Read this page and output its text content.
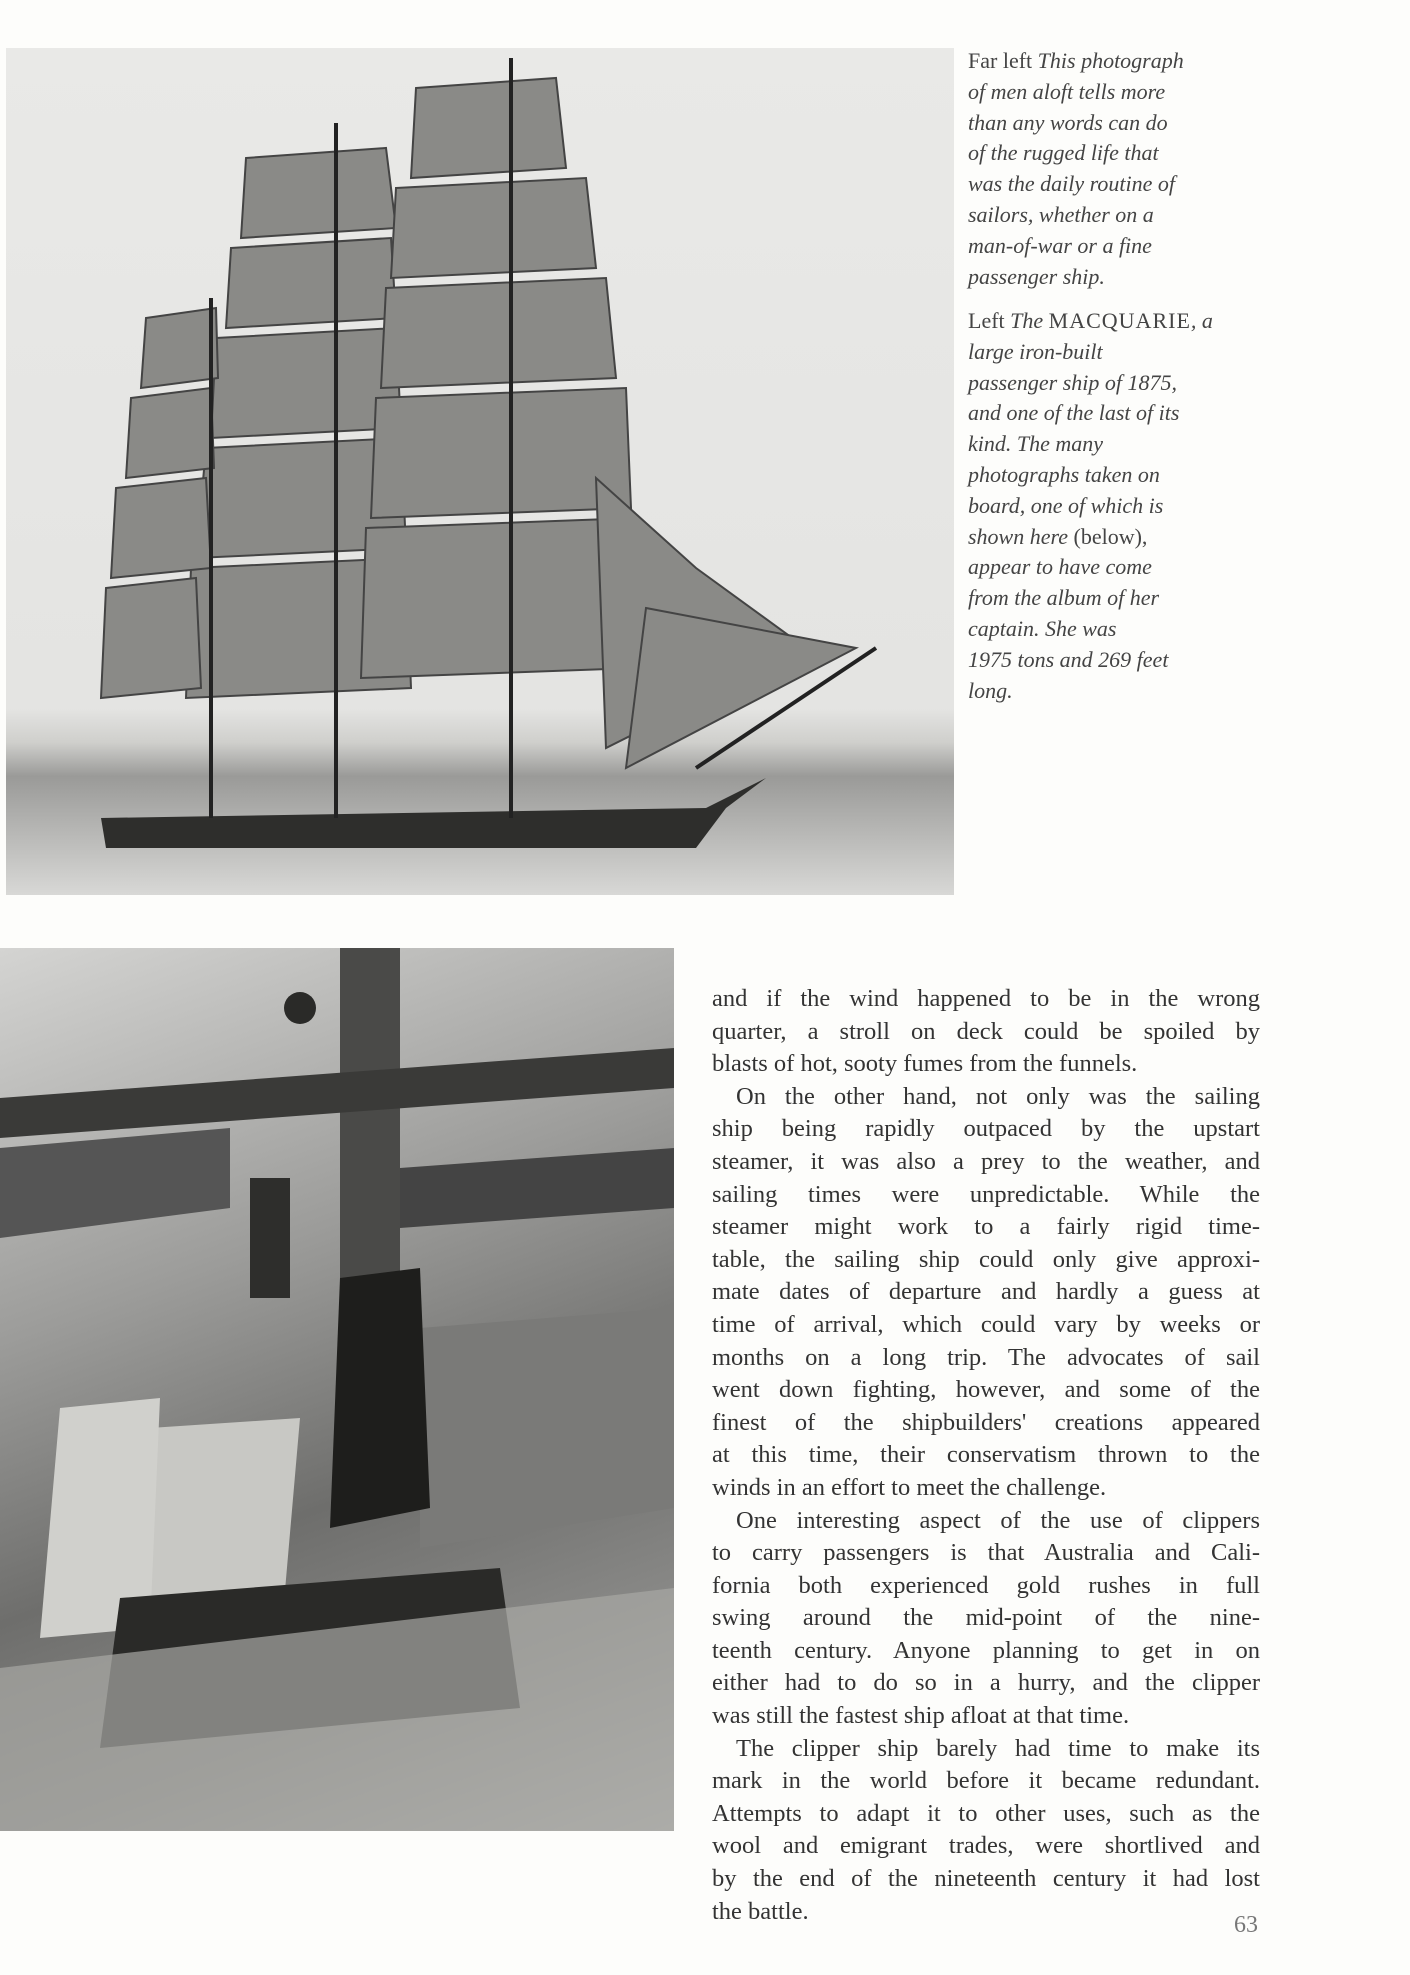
Far left This photograph
of men aloft tells more
than any words can do
of the rugged life that
was the daily routine of
sailors, whether on a
man-of-war or a fine
passenger ship.
Left The MACQUARIE, a
large iron-built
passenger ship of 1875,
and one of the last of its
kind. The many
photographs taken on
board, one of which is
shown here (below),
appear to have come
from the album of her
captain. She was
1975 tons and 269 feet
long.
and if the wind happened to be in the wrong
quarter, a stroll on deck could be spoiled by
blasts of hot, sooty fumes from the funnels.
On the other hand, not only was the sailing
ship being rapidly outpaced by the upstart
steamer, it was also a prey to the weather, and
sailing times were unpredictable. While the
steamer might work to a fairly rigid time-
table, the sailing ship could only give approxi-
mate dates of departure and hardly a guess at
time of arrival, which could vary by weeks or
months on a long trip. The advocates of sail
went down fighting, however, and some of the
finest of the shipbuilders' creations appeared
at this time, their conservatism thrown to the
winds in an effort to meet the challenge.
One interesting aspect of the use of clippers
to carry passengers is that Australia and Cali-
fornia both experienced gold rushes in full
swing around the mid-point of the nine-
teenth century. Anyone planning to get in on
either had to do so in a hurry, and the clipper
was still the fastest ship afloat at that time.
The clipper ship barely had time to make its
mark in the world before it became redundant.
Attempts to adapt it to other uses, such as the
wool and emigrant trades, were shortlived and
by the end of the nineteenth century it had lost
the battle.
63
